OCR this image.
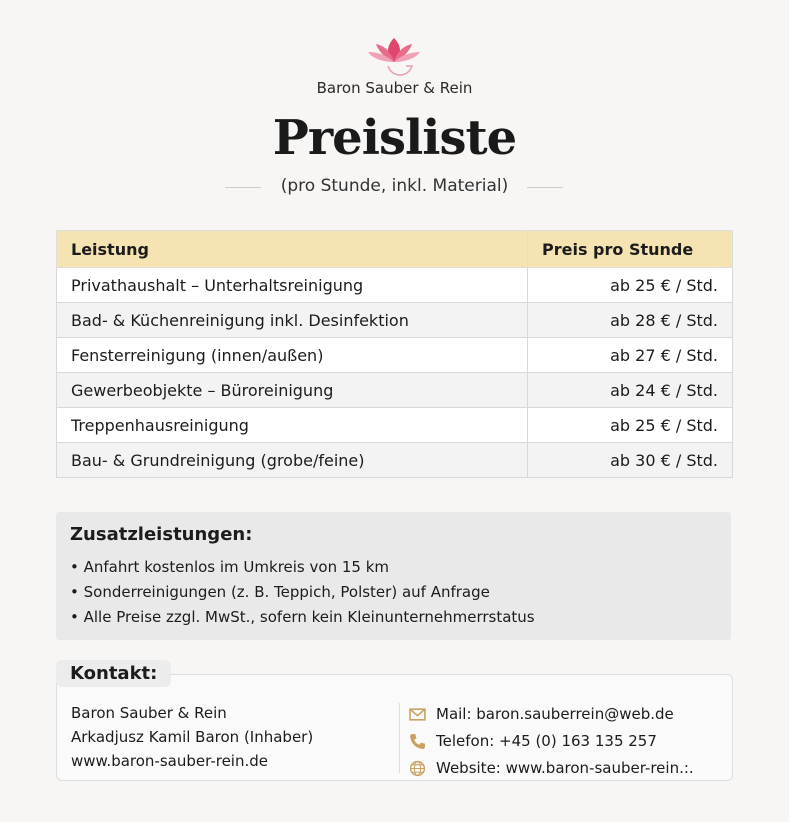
Baron Sauber & Rein
Preisliste
(pro Stunde, inkl. Material)
Leistung	Preis pro Stunde
Privathaushalt – Unterhaltsreinigung	ab 25 € / Std.
Bad- & Küchenreinigung inkl. Desinfektion	ab 28 € / Std.
Fensterreinigung (innen/außen)	ab 27 € / Std.
Gewerbeobjekte – Büroreinigung	ab 24 € / Std.
Treppenhausreinigung	ab 25 € / Std.
Bau- & Grundreinigung (grobe/feine)	ab 30 € / Std.
Zusatzleistungen:
• Anfahrt kostenlos im Umkreis von 15 km
• Sonderreinigungen (z. B. Teppich, Polster) auf Anfrage
• Alle Preise zzgl. MwSt., sofern kein Kleinunternehmerrstatus
Baron Sauber & Rein
Arkadjusz Kamil Baron (Inhaber)
www.baron-sauber-rein.de
Mail: baron.sauberrein@web.de
Telefon: +45 (0) 163 135 257
Website: www.baron-sauber-rein.:.
Kontakt:
